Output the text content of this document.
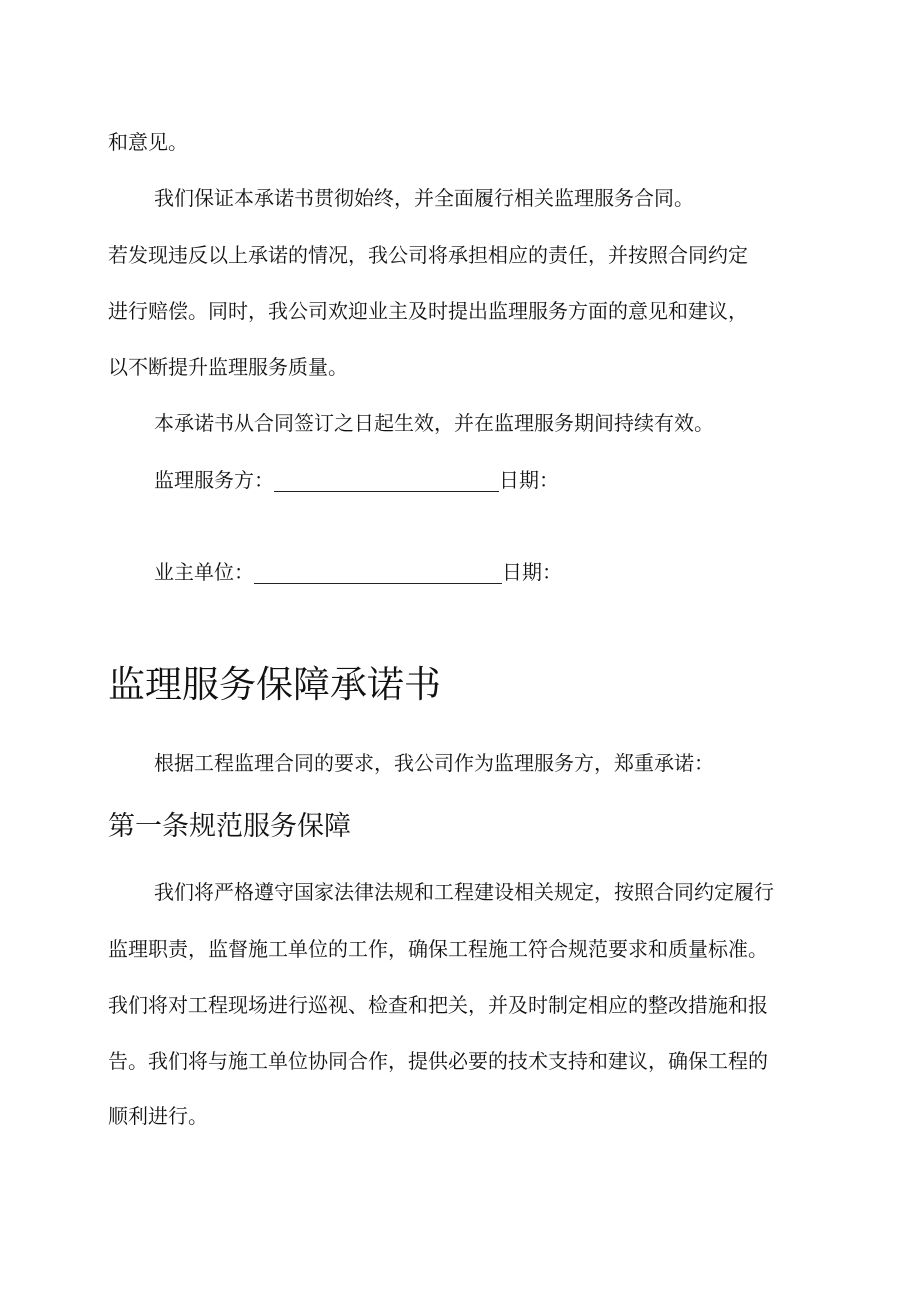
和意见。

我们保证本承诺书贯彻始终，并全面履行相关监理服务合同。

若发现违反以上承诺的情况，我公司将承担相应的责任，并按照合同约定

进行赔偿。同时，我公司欢迎业主及时提出监理服务方面的意见和建议，

以不断提升监理服务质量。

本承诺书从合同签订之日起生效，并在监理服务期间持续有效。

监理服务方：	日期：
业主单位：	日期：
监理服务保障承诺书

根据工程监理合同的要求，我公司作为监理服务方，郑重承诺：

第一条规范服务保障

我们将严格遵守国家法律法规和工程建设相关规定，按照合同约定履行

监理职责，监督施工单位的工作，确保工程施工符合规范要求和质量标准。

我们将对工程现场进行巡视、检查和把关，并及时制定相应的整改措施和报

告。我们将与施工单位协同合作，提供必要的技术支持和建议，确保工程的

顺利进行。
